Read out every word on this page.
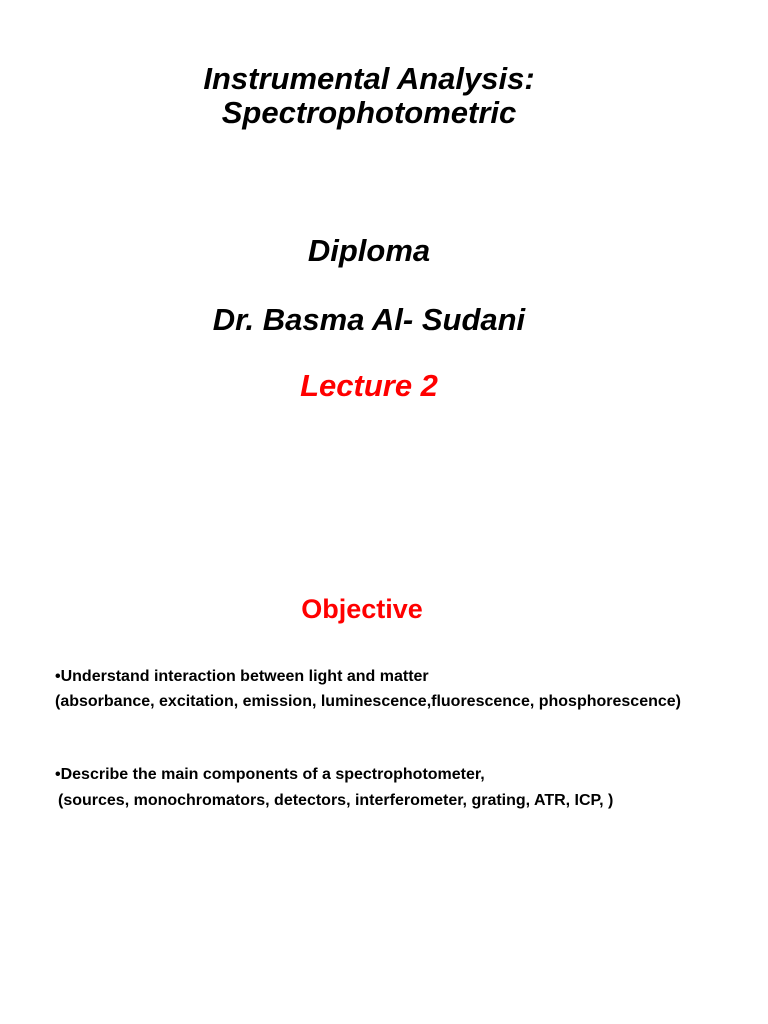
Instrumental Analysis:
Spectrophotometric
Diploma
Dr. Basma Al- Sudani
Lecture 2
Objective
•Understand interaction between light and matter
(absorbance, excitation, emission, luminescence,fluorescence, phosphorescence)
•Describe the main components of a spectrophotometer,
(sources, monochromators, detectors, interferometer, grating, ATR, ICP, )
